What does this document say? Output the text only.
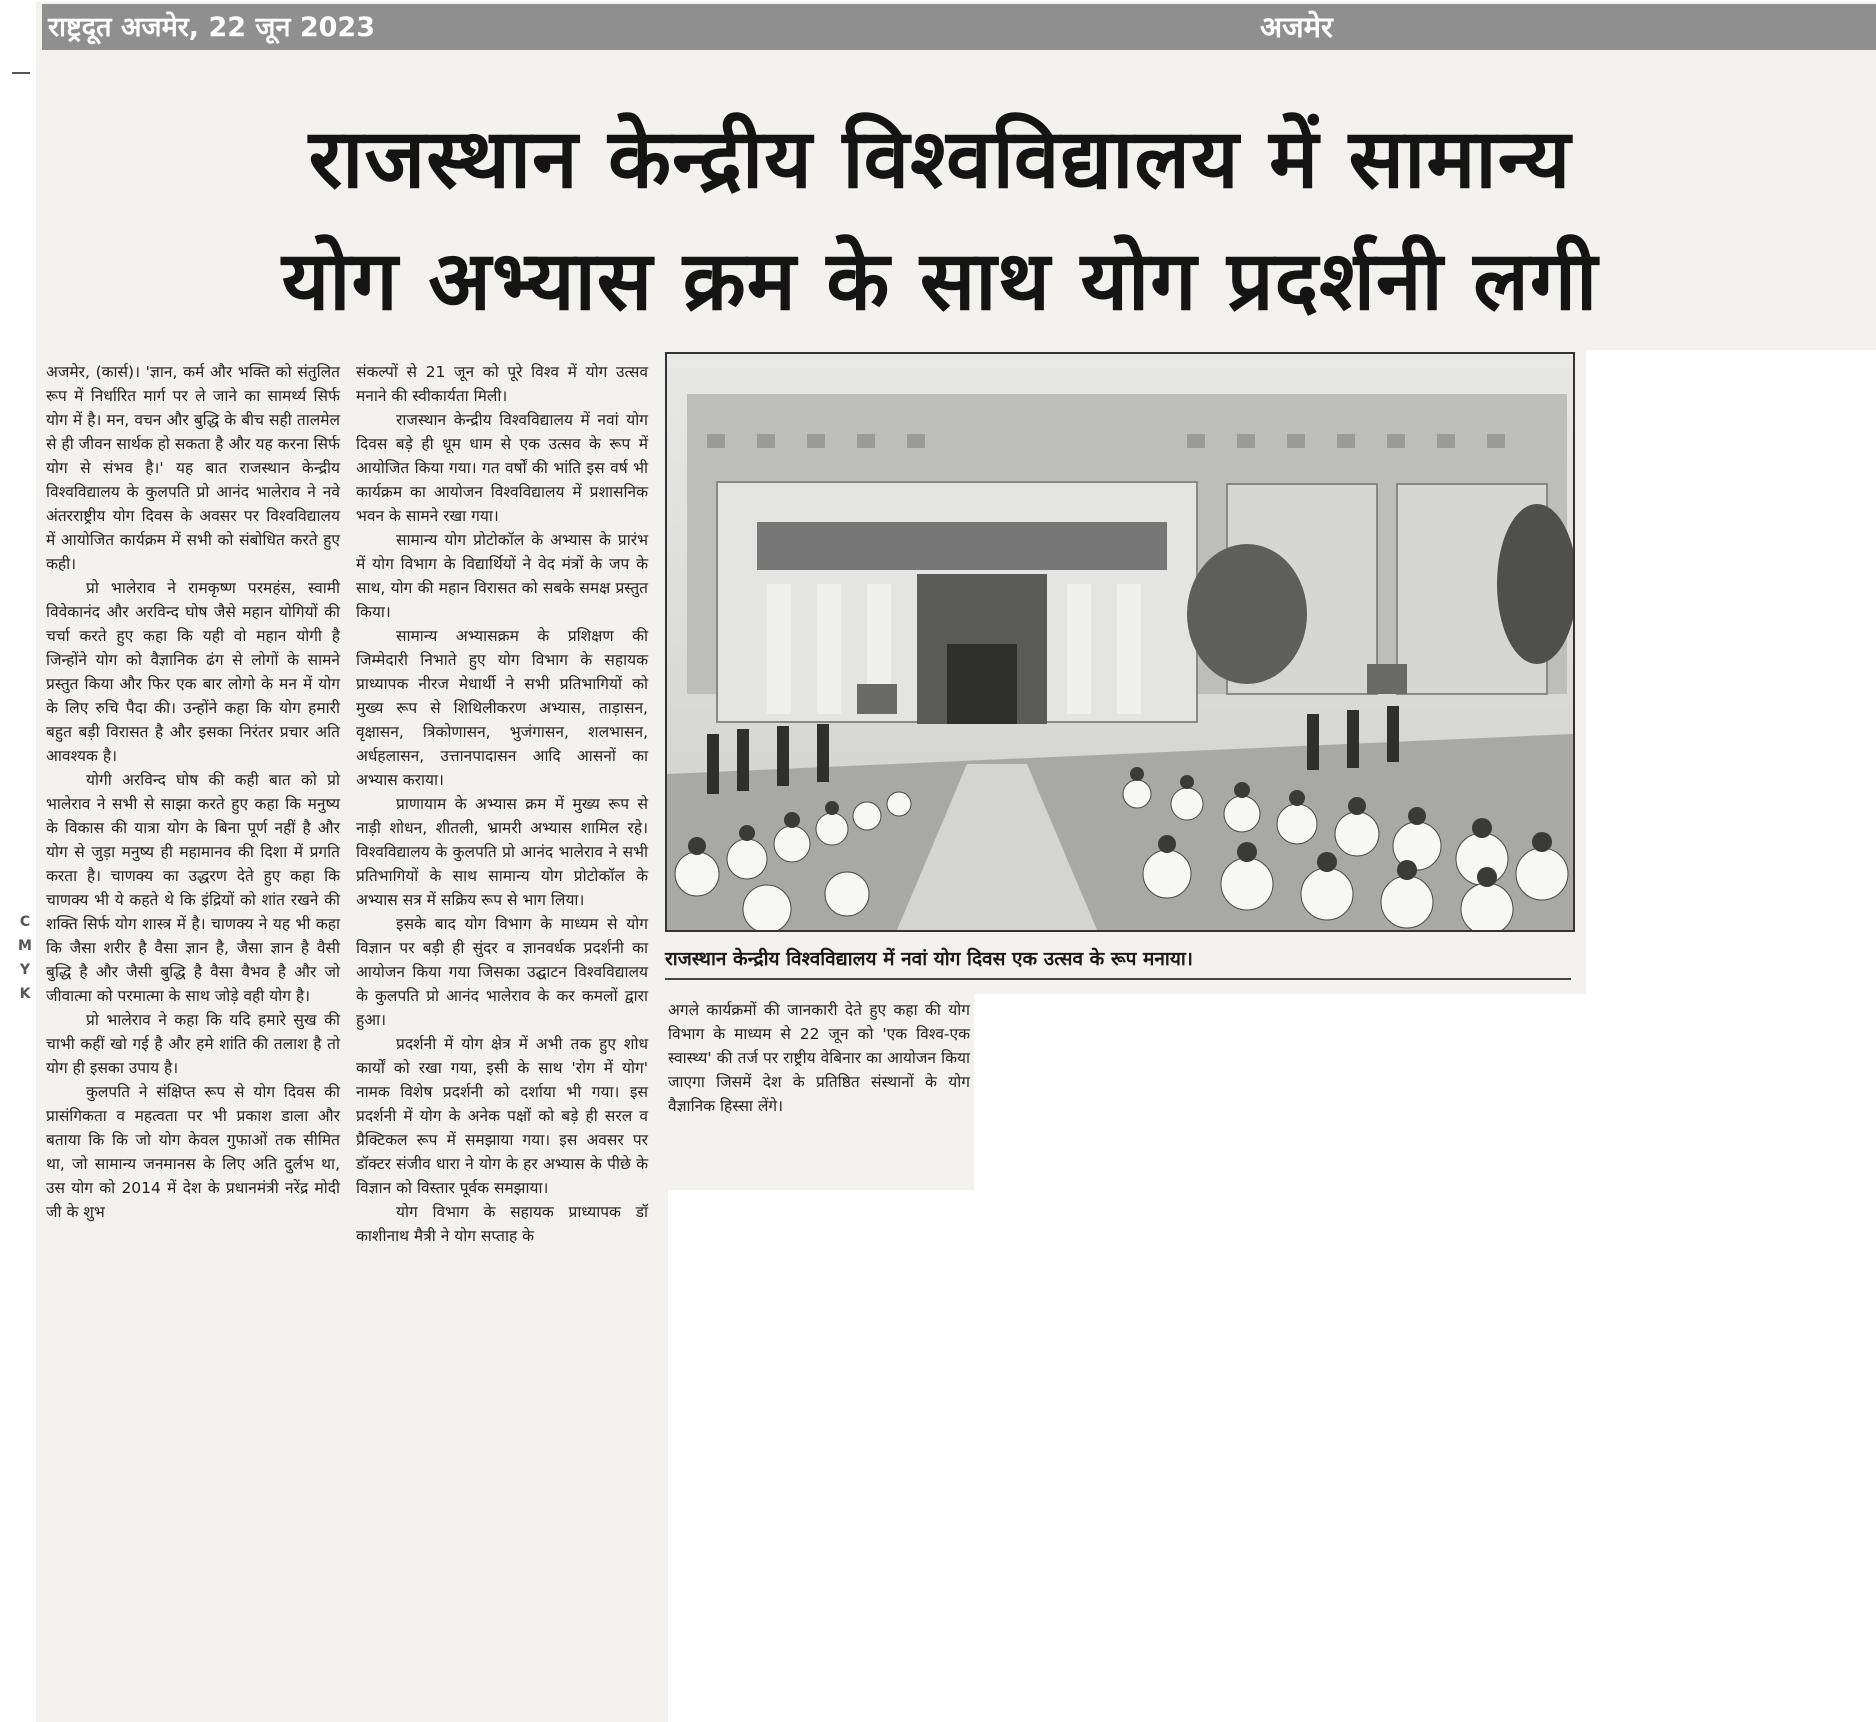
राष्ट्रदूत अजमेर, 22 जून 2023	अजमेर
राजस्थान केन्द्रीय विश्वविद्यालय में सामान्य
योग अभ्यास क्रम के साथ योग प्रदर्शनी लगी

अजमेर, (कार्स)। 'ज्ञान, कर्म और भक्ति को संतुलित रूप में निर्धारित मार्ग पर ले जाने का सामर्थ्य सिर्फ योग में है। मन, वचन और बुद्धि के बीच सही तालमेल से ही जीवन सार्थक हो सकता है और यह करना सिर्फ योग से संभव है।' यह बात राजस्थान केन्द्रीय विश्वविद्यालय के कुलपति प्रो आनंद भालेराव ने नवे अंतरराष्ट्रीय योग दिवस के अवसर पर विश्वविद्यालय में आयोजित कार्यक्रम में सभी को संबोधित करते हुए कही।

प्रो भालेराव ने रामकृष्ण परमहंस, स्वामी विवेकानंद और अरविन्द घोष जैसे महान योगियों की चर्चा करते हुए कहा कि यही वो महान योगी है जिन्होंने योग को वैज्ञानिक ढंग से लोगों के सामने प्रस्तुत किया और फिर एक बार लोगो के मन में योग के लिए रुचि पैदा की। उन्होंने कहा कि योग हमारी बहुत बड़ी विरासत है और इसका निरंतर प्रचार अति आवश्यक है।

योगी अरविन्द घोष की कही बात को प्रो भालेराव ने सभी से साझा करते हुए कहा कि मनुष्य के विकास की यात्रा योग के बिना पूर्ण नहीं है और योग से जुड़ा मनुष्य ही महामानव की दिशा में प्रगति करता है। चाणक्य का उद्धरण देते हुए कहा कि चाणक्य भी ये कहते थे कि इंद्रियों को शांत रखने की शक्ति सिर्फ योग शास्त्र में है। चाणक्य ने यह भी कहा कि जैसा शरीर है वैसा ज्ञान है, जैसा ज्ञान है वैसी बुद्धि है और जैसी बुद्धि है वैसा वैभव है और जो जीवात्मा को परमात्मा के साथ जोड़े वही योग है।

प्रो भालेराव ने कहा कि यदि हमारे सुख की चाभी कहीं खो गई है और हमे शांति की तलाश है तो योग ही इसका उपाय है।

कुलपति ने संक्षिप्त रूप से योग दिवस की प्रासंगिकता व महत्वता पर भी प्रकाश डाला और बताया कि कि जो योग केवल गुफाओं तक सीमित था, जो सामान्य जनमानस के लिए अति दुर्लभ था, उस योग को 2014 में देश के प्रधानमंत्री नरेंद्र मोदी जी के शुभ

संकल्पों से 21 जून को पूरे विश्व में योग उत्सव मनाने की स्वीकार्यता मिली।

राजस्थान केन्द्रीय विश्वविद्यालय में नवां योग दिवस बड़े ही धूम धाम से एक उत्सव के रूप में आयोजित किया गया। गत वर्षों की भांति इस वर्ष भी कार्यक्रम का आयोजन विश्वविद्यालय में प्रशासनिक भवन के सामने रखा गया।

सामान्य योग प्रोटोकॉल के अभ्यास के प्रारंभ में योग विभाग के विद्यार्थियों ने वेद मंत्रों के जप के साथ, योग की महान विरासत को सबके समक्ष प्रस्तुत किया।

सामान्य अभ्यासक्रम के प्रशिक्षण की जिम्मेदारी निभाते हुए योग विभाग के सहायक प्राध्यापक नीरज मेधार्थी ने सभी प्रतिभागियों को मुख्य रूप से शिथिलीकरण अभ्यास, ताड़ासन, वृक्षासन, त्रिकोणासन, भुजंगासन, शलभासन, अर्धहलासन, उत्तानपादासन आदि आसनों का अभ्यास कराया।

प्राणायाम के अभ्यास क्रम में मुख्य रूप से नाड़ी शोधन, शीतली, भ्रामरी अभ्यास शामिल रहे। विश्वविद्यालय के कुलपति प्रो आनंद भालेराव ने सभी प्रतिभागियों के साथ सामान्य योग प्रोटोकॉल के अभ्यास सत्र में सक्रिय रूप से भाग लिया।

इसके बाद योग विभाग के माध्यम से योग विज्ञान पर बड़ी ही सुंदर व ज्ञानवर्धक प्रदर्शनी का आयोजन किया गया जिसका उद्घाटन विश्वविद्यालय के कुलपति प्रो आनंद भालेराव के कर कमलों द्वारा हुआ।

प्रदर्शनी में योग क्षेत्र में अभी तक हुए शोध कार्यों को रखा गया, इसी के साथ 'रोग में योग' नामक विशेष प्रदर्शनी को दर्शाया भी गया। इस प्रदर्शनी में योग के अनेक पक्षों को बड़े ही सरल व प्रैक्टिकल रूप में समझाया गया। इस अवसर पर डॉक्टर संजीव धारा ने योग के हर अभ्यास के पीछे के विज्ञान को विस्तार पूर्वक समझाया।

योग विभाग के सहायक प्राध्यापक डॉ काशीनाथ मैत्री ने योग सप्ताह के

राजस्थान केन्द्रीय विश्वविद्यालय में नवां योग दिवस एक उत्सव के रूप मनाया।

अगले कार्यक्रमों की जानकारी देते हुए कहा की योग विभाग के माध्यम से 22 जून को 'एक विश्व-एक स्वास्थ्य' की तर्ज पर राष्ट्रीय वेबिनार का आयोजन किया जाएगा जिसमें देश के प्रतिष्ठित संस्थानों के योग वैज्ञानिक हिस्सा लेंगे।

C
M
Y
K
